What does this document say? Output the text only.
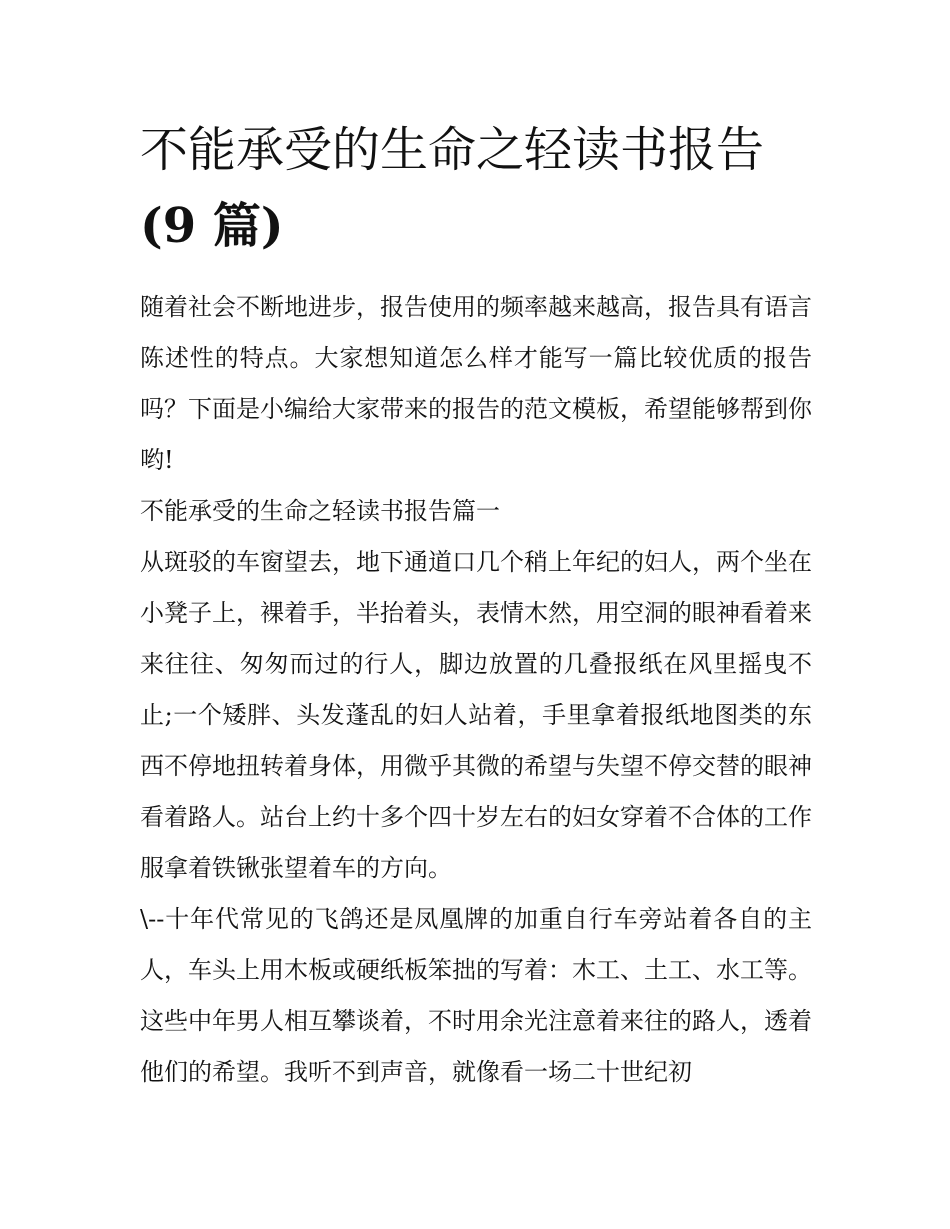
不能承受的生命之轻读书报告
(9 篇)

随着社会不断地进步，报告使用的频率越来越高，报告具有语言陈述性的特点。大家想知道怎么样才能写一篇比较优质的报告吗？下面是小编给大家带来的报告的范文模板，希望能够帮到你哟!

不能承受的生命之轻读书报告篇一

从斑驳的车窗望去，地下通道口几个稍上年纪的妇人，两个坐在小凳子上，裸着手，半抬着头，表情木然，用空洞的眼神看着来来往往、匆匆而过的行人，脚边放置的几叠报纸在风里摇曳不止;一个矮胖、头发蓬乱的妇人站着，手里拿着报纸地图类的东西不停地扭转着身体，用微乎其微的希望与失望不停交替的眼神看着路人。站台上约十多个四十岁左右的妇女穿着不合体的工作服拿着铁锹张望着车的方向。

\--十年代常见的飞鸽还是凤凰牌的加重自行车旁站着各自的主人，车头上用木板或硬纸板笨拙的写着：木工、土工、水工等。这些中年男人相互攀谈着，不时用余光注意着来往的路人，透着他们的希望。我听不到声音，就像看一场二十世纪初
